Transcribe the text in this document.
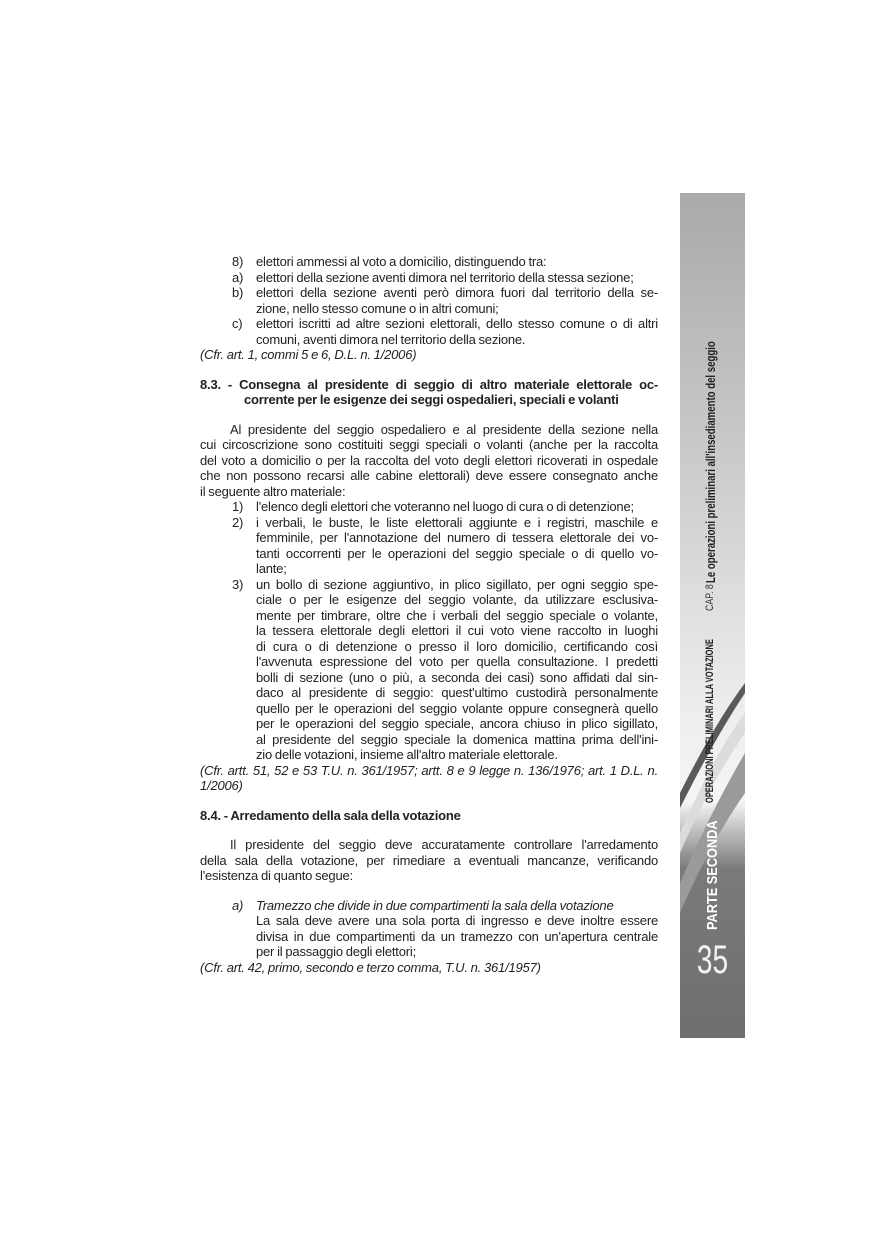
8) elettori ammessi al voto a domicilio, distinguendo tra:
a) elettori della sezione aventi dimora nel territorio della stessa sezione;
b) elettori della sezione aventi però dimora fuori dal territorio della se-
zione, nello stesso comune o in altri comuni;
c) elettori iscritti ad altre sezioni elettorali, dello stesso comune o di altri
comuni, aventi dimora nel territorio della sezione.
(Cfr. art. 1, commi 5 e 6, D.L. n. 1/2006)
8.3. - Consegna al presidente di seggio di altro materiale elettorale oc-
corrente per le esigenze dei seggi ospedalieri, speciali e volanti
Al presidente del seggio ospedaliero e al presidente della sezione nella
cui circoscrizione sono costituiti seggi speciali o volanti (anche per la raccolta
del voto a domicilio o per la raccolta del voto degli elettori ricoverati in ospedale
che non possono recarsi alle cabine elettorali) deve essere consegnato anche
il seguente altro materiale:
1) l'elenco degli elettori che voteranno nel luogo di cura o di detenzione;
2) i verbali, le buste, le liste elettorali aggiunte e i registri, maschile e
femminile, per l'annotazione del numero di tessera elettorale dei vo-
tanti occorrenti per le operazioni del seggio speciale o di quello vo-
lante;
3) un bollo di sezione aggiuntivo, in plico sigillato, per ogni seggio spe-
ciale o per le esigenze del seggio volante, da utilizzare esclusiva-
mente per timbrare, oltre che i verbali del seggio speciale o volante,
la tessera elettorale degli elettori il cui voto viene raccolto in luoghi
di cura o di detenzione o presso il loro domicilio, certificando così
l'avvenuta espressione del voto per quella consultazione. I predetti
bolli di sezione (uno o più, a seconda dei casi) sono affidati dal sin-
daco al presidente di seggio: quest'ultimo custodirà personalmente
quello per le operazioni del seggio volante oppure consegnerà quello
per le operazioni del seggio speciale, ancora chiuso in plico sigillato,
al presidente del seggio speciale la domenica mattina prima dell'ini-
zio delle votazioni, insieme all'altro materiale elettorale.
(Cfr. artt. 51, 52 e 53 T.U. n. 361/1957; artt. 8 e 9 legge n. 136/1976; art. 1 D.L. n.
1/2006)
8.4. - Arredamento della sala della votazione
Il presidente del seggio deve accuratamente controllare l'arredamento
della sala della votazione, per rimediare a eventuali mancanze, verificando
l'esistenza di quanto segue:
a) Tramezzo che divide in due compartimenti la sala della votazione
La sala deve avere una sola porta di ingresso e deve inoltre essere
divisa in due compartimenti da un tramezzo con un'apertura centrale
per il passaggio degli elettori;
(Cfr. art. 42, primo, secondo e terzo comma, T.U. n. 361/1957)
PARTE SECONDA
OPERAZIONI PRELIMINARI ALLA VOTAZIONE
CAP. 8
Le operazioni preliminari all'insediamento del seggio
35
